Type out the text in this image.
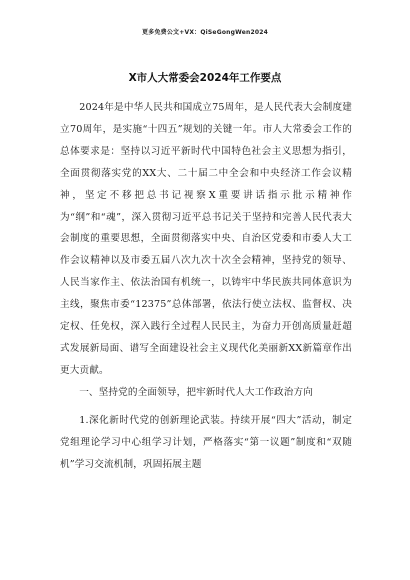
更多免费公文+VX：QiSeGongWen2024
X市人大常委会2024年工作要点

2024年是中华人民共和国成立75周年，是人民代表大会制度建立70周年，是实施“十四五”规划的关键一年。市人大常委会工作的总体要求是：坚持以习近平新时代中国特色社会主义思想为指引，全面贯彻落实党的XX大、二十届二中全会和中央经济工作会议精神，坚定不移把总书记视察X重要讲话指示批示精神作为“纲”和“魂”，深入贯彻习近平总书记关于坚持和完善人民代表大会制度的重要思想，全面贯彻落实中央、自治区党委和市委人大工作会议精神以及市委五届八次九次十次全会精神，坚持党的领导、人民当家作主、依法治国有机统一，以铸牢中华民族共同体意识为主线，聚焦市委“12375”总体部署，依法行使立法权、监督权、决定权、任免权，深入践行全过程人民民主，为奋力开创高质量赶超式发展新局面、谱写全面建设社会主义现代化美丽新XX新篇章作出更大贡献。

一、坚持党的全面领导，把牢新时代人大工作政治方向

1.深化新时代党的创新理论武装。持续开展“四大”活动，制定党组理论学习中心组学习计划，严格落实“第一议题”制度和“双随机”学习交流机制，巩固拓展主题
